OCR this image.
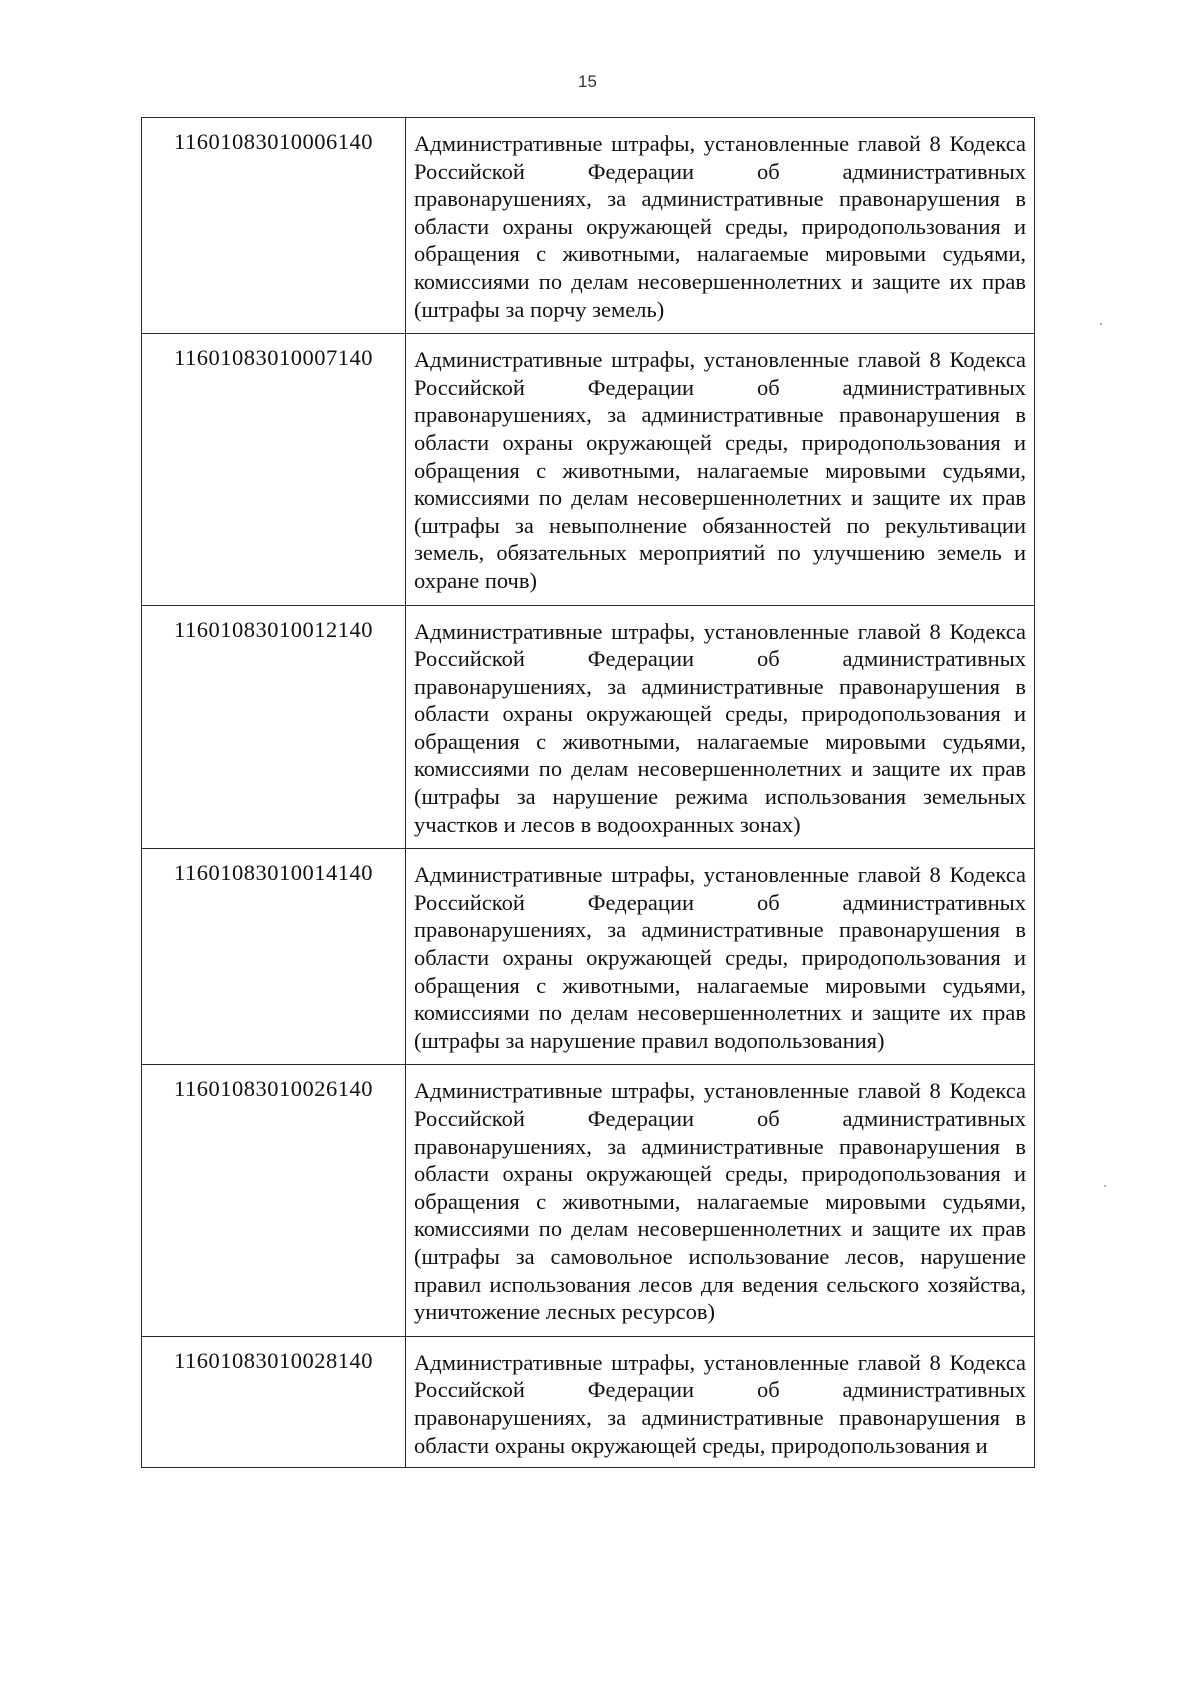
15
11601083010006140	Административные штрафы, установленные главой 8 Кодекса Российской Федерации об административных правонарушениях, за административные правонарушения в области охраны окружающей среды, природопользования и обращения с животными, налагаемые мировыми судьями, комиссиями по делам несовершеннолетних и защите их прав (штрафы за порчу земель)
11601083010007140	Административные штрафы, установленные главой 8 Кодекса Российской Федерации об административных правонарушениях, за административные правонарушения в области охраны окружающей среды, природопользования и обращения с животными, налагаемые мировыми судьями, комиссиями по делам несовершеннолетних и защите их прав (штрафы за невыполнение обязанностей по рекультивации земель, обязательных мероприятий по улучшению земель и охране почв)
11601083010012140	Административные штрафы, установленные главой 8 Кодекса Российской Федерации об административных правонарушениях, за административные правонарушения в области охраны окружающей среды, природопользования и обращения с животными, налагаемые мировыми судьями, комиссиями по делам несовершеннолетних и защите их прав (штрафы за нарушение режима использования земельных участков и лесов в водоохранных зонах)
11601083010014140	Административные штрафы, установленные главой 8 Кодекса Российской Федерации об административных правонарушениях, за административные правонарушения в области охраны окружающей среды, природопользования и обращения с животными, налагаемые мировыми судьями, комиссиями по делам несовершеннолетних и защите их прав (штрафы за нарушение правил водопользования)
11601083010026140	Административные штрафы, установленные главой 8 Кодекса Российской Федерации об административных правонарушениях, за административные правонарушения в области охраны окружающей среды, природопользования и обращения с животными, налагаемые мировыми судьями, комиссиями по делам несовершеннолетних и защите их прав (штрафы за самовольное использование лесов, нарушение правил использования лесов для ведения сельского хозяйства, уничтожение лесных ресурсов)
11601083010028140	Административные штрафы, установленные главой 8 Кодекса Российской Федерации об административных правонарушениях, за административные правонарушения в области охраны окружающей среды, природопользования и
